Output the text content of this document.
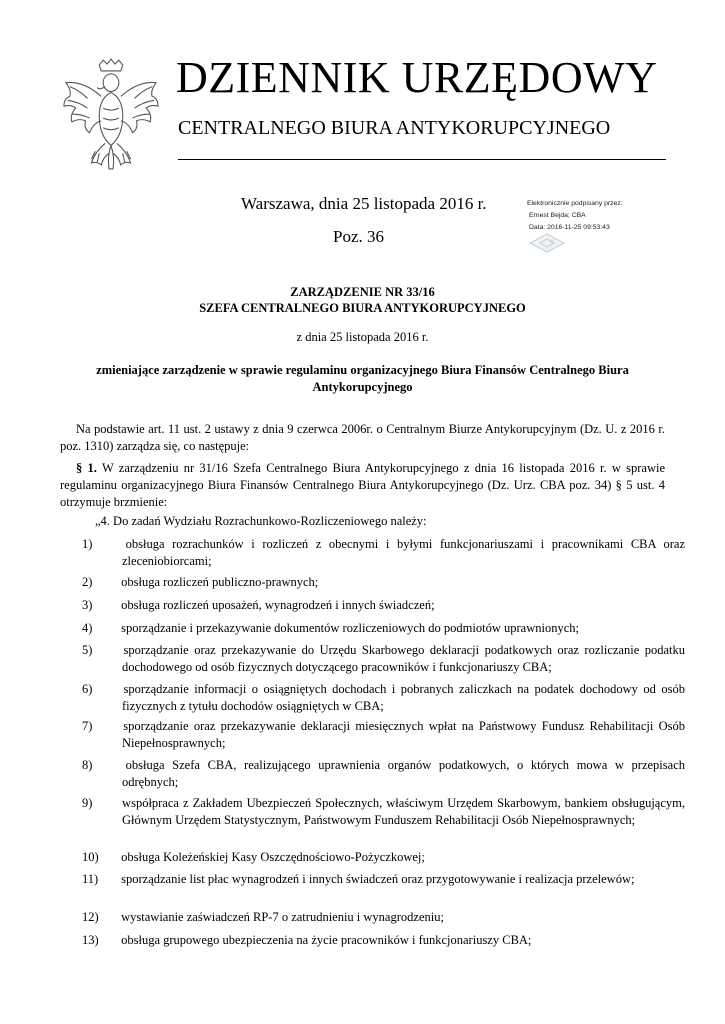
DZIENNIK URZĘDOWY
CENTRALNEGO BIURA ANTYKORUPCYJNEGO
Warszawa, dnia 25 listopada 2016 r.
Poz. 36
Elektronicznie podpisany przez:
Ernest Bejda; CBA
Data: 2016-11-25 09:53:43
ZARZĄDZENIE NR 33/16
SZEFA CENTRALNEGO BIURA ANTYKORUPCYJNEGO
z dnia 25 listopada 2016 r.
zmieniające zarządzenie w sprawie regulaminu organizacyjnego Biura Finansów Centralnego Biura Antykorupcyjnego
Na podstawie art. 11 ust. 2 ustawy z dnia 9 czerwca 2006r. o Centralnym Biurze Antykorupcyjnym (Dz. U. z 2016 r. poz. 1310) zarządza się, co następuje:
§ 1. W zarządzeniu nr 31/16 Szefa Centralnego Biura Antykorupcyjnego z dnia 16 listopada 2016 r. w sprawie regulaminu organizacyjnego Biura Finansów Centralnego Biura Antykorupcyjnego (Dz. Urz. CBA poz. 34) § 5 ust. 4 otrzymuje brzmienie:
„4. Do zadań Wydziału Rozrachunkowo-Rozliczeniowego należy:
1)	obsługa rozrachunków i rozliczeń z obecnymi i byłymi funkcjonariuszami i pracownikami CBA oraz zleceniobiorcami;
2) obsługa rozliczeń publiczno-prawnych;
3) obsługa rozliczeń uposażeń, wynagrodzeń i innych świadczeń;
4) sporządzanie i przekazywanie dokumentów rozliczeniowych do podmiotów uprawnionych;
5) sporządzanie oraz przekazywanie do Urzędu Skarbowego deklaracji podatkowych oraz rozliczanie podatku dochodowego od osób fizycznych dotyczącego pracowników i funkcjonariuszy CBA;
6) sporządzanie informacji o osiągniętych dochodach i pobranych zaliczkach na podatek dochodowy od osób fizycznych z tytułu dochodów osiągniętych w CBA;
7) sporządzanie oraz przekazywanie deklaracji miesięcznych wpłat na Państwowy Fundusz Rehabilitacji Osób Niepełnosprawnych;
8)	obsługa Szefa CBA, realizującego uprawnienia organów podatkowych, o których mowa w przepisach odrębnych;
9) współpraca z Zakładem Ubezpieczeń Społecznych, właściwym Urzędem Skarbowym, bankiem obsługującym, Głównym Urzędem Statystycznym, Państwowym Funduszem Rehabilitacji Osób Niepełnosprawnych;
10) obsługa Koleżeńskiej Kasy Oszczędnościowo-Pożyczkowej;
11) sporządzanie list płac wynagrodzeń i innych świadczeń oraz przygotowywanie i realizacja przelewów;
12) wystawianie zaświadczeń RP-7 o zatrudnieniu i wynagrodzeniu;
13) obsługa grupowego ubezpieczenia na życie pracowników i funkcjonariuszy CBA;
